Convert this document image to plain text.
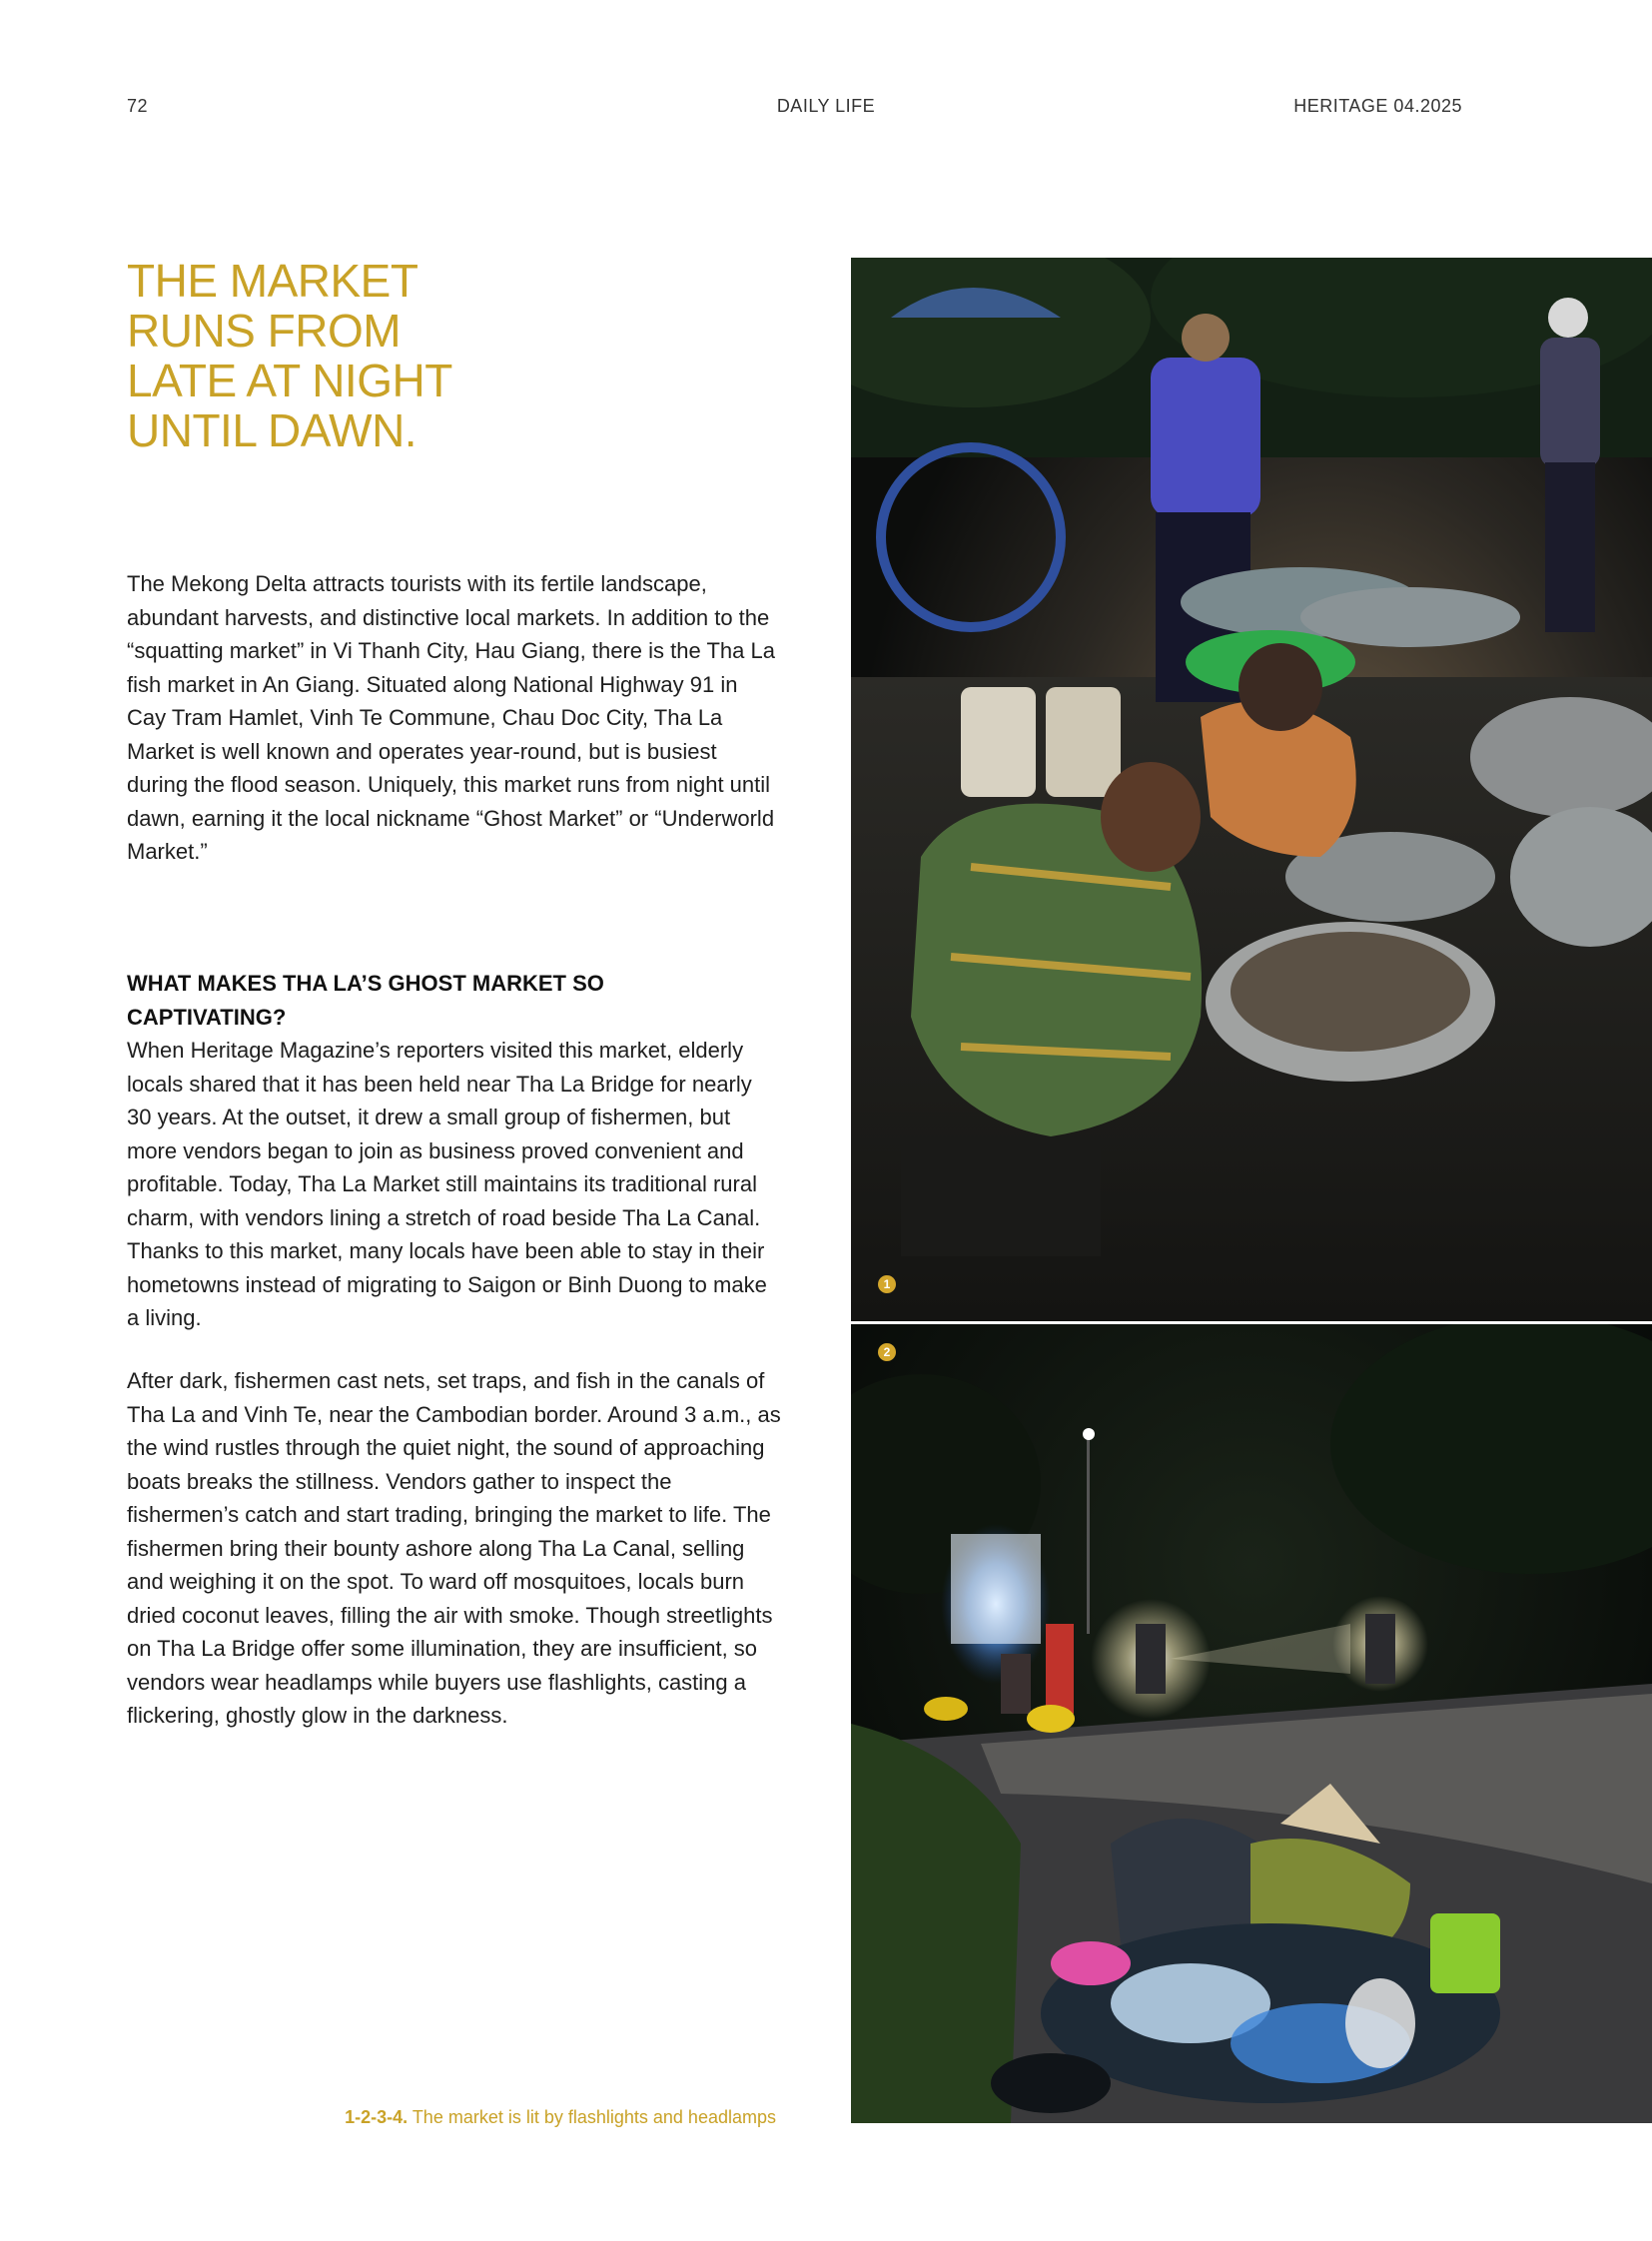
72	DAILY LIFE	HERITAGE 04.2025
THE MARKET RUNS FROM LATE AT NIGHT UNTIL DAWN.

The Mekong Delta attracts tourists with its fertile landscape, abundant harvests, and distinctive local markets. In addition to the “squatting market” in Vi Thanh City, Hau Giang, there is the Tha La fish market in An Giang. Situated along National Highway 91 in Cay Tram Hamlet, Vinh Te Commune, Chau Doc City, Tha La Market is well known and operates year-round, but is busiest during the flood season. Uniquely, this market runs from night until dawn, earning it the local nickname “Ghost Market” or “Underworld Market.”

WHAT MAKES THA LA’S GHOST MARKET SO CAPTIVATING?

When Heritage Magazine’s reporters visited this market, elderly locals shared that it has been held near Tha La Bridge for nearly 30 years. At the outset, it drew a small group of fishermen, but more vendors began to join as business proved convenient and profitable. Today, Tha La Market still maintains its traditional rural charm, with vendors lining a stretch of road beside Tha La Canal. Thanks to this market, many locals have been able to stay in their hometowns instead of migrating to Saigon or Binh Duong to make a living.

After dark, fishermen cast nets, set traps, and fish in the canals of Tha La and Vinh Te, near the Cambodian border. Around 3 a.m., as the wind rustles through the quiet night, the sound of approaching boats breaks the stillness. Vendors gather to inspect the fishermen’s catch and start trading, bringing the market to life. The fishermen bring their bounty ashore along Tha La Canal, selling and weighing it on the spot. To ward off mosquitoes, locals burn dried coconut leaves, filling the air with smoke. Though streetlights on Tha La Bridge offer some illumination, they are insufficient, so vendors wear headlamps while buyers use flashlights, casting a flickering, ghostly glow in the darkness.

1-2-3-4. The market is lit by flashlights and headlamps

1
2
